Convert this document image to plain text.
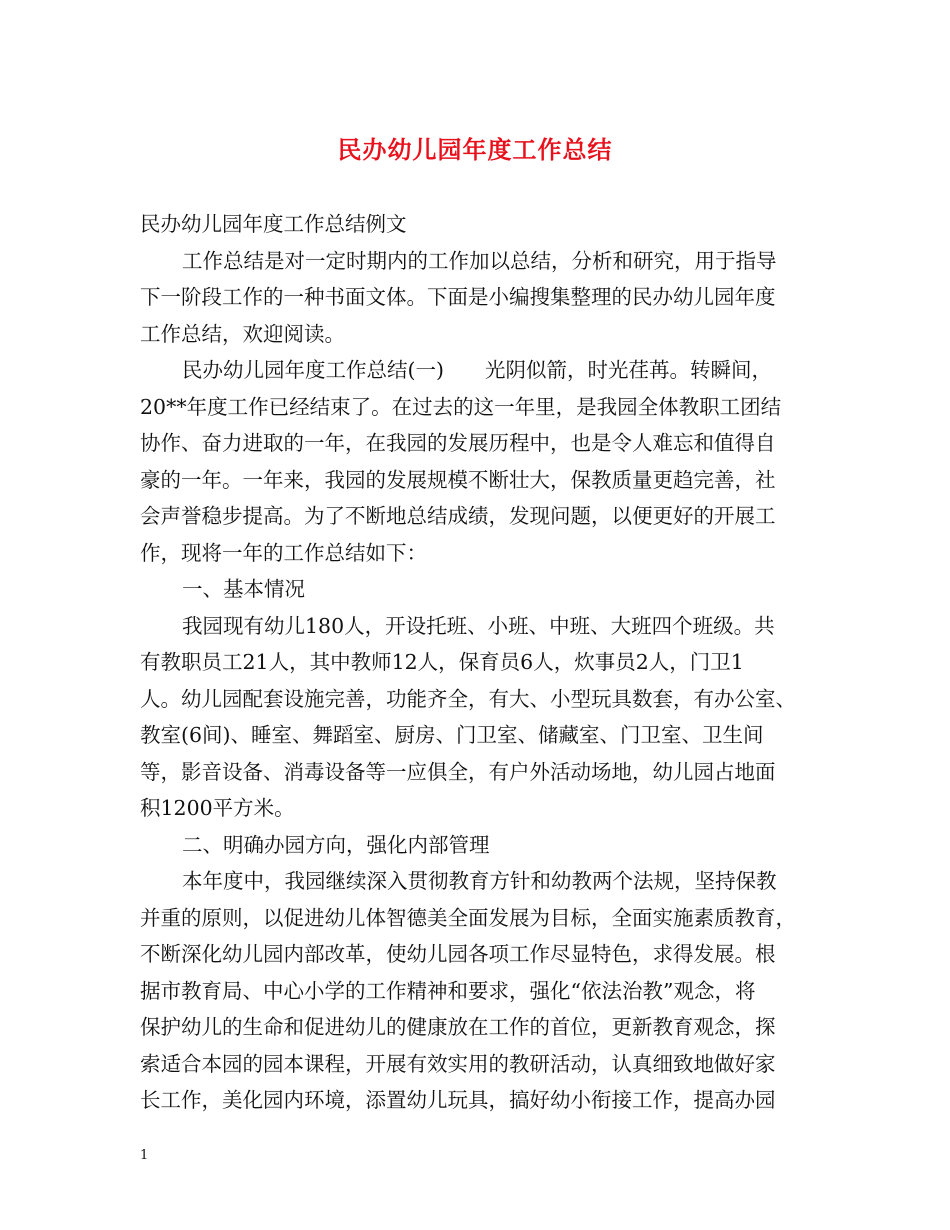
民办幼儿园年度工作总结
民办幼儿园年度工作总结例文
工作总结是对一定时期内的工作加以总结，分析和研究，用于指导
下一阶段工作的一种书面文体。下面是小编搜集整理的民办幼儿园年度
工作总结，欢迎阅读。
民办幼儿园年度工作总结(一)　　光阴似箭，时光荏苒。转瞬间，
20**年度工作已经结束了。在过去的这一年里，是我园全体教职工团结
协作、奋力进取的一年，在我园的发展历程中，也是令人难忘和值得自
豪的一年。一年来，我园的发展规模不断壮大，保教质量更趋完善，社
会声誉稳步提高。为了不断地总结成绩，发现问题，以便更好的开展工
作，现将一年的工作总结如下：
一、基本情况
我园现有幼儿180人，开设托班、小班、中班、大班四个班级。共
有教职员工21人，其中教师12人，保育员6人，炊事员2人，门卫1
人。幼儿园配套设施完善，功能齐全，有大、小型玩具数套，有办公室、
教室(6间)、睡室、舞蹈室、厨房、门卫室、储藏室、门卫室、卫生间
等，影音设备、消毒设备等一应俱全，有户外活动场地，幼儿园占地面
积1200平方米。
二、明确办园方向，强化内部管理
本年度中，我园继续深入贯彻教育方针和幼教两个法规，坚持保教
并重的原则，以促进幼儿体智德美全面发展为目标，全面实施素质教育，
不断深化幼儿园内部改革，使幼儿园各项工作尽显特色，求得发展。根
据市教育局、中心小学的工作精神和要求，强化“依法治教”观念，将
保护幼儿的生命和促进幼儿的健康放在工作的首位，更新教育观念，探
索适合本园的园本课程，开展有效实用的教研活动，认真细致地做好家
长工作，美化园内环境，添置幼儿玩具，搞好幼小衔接工作，提高办园
1
